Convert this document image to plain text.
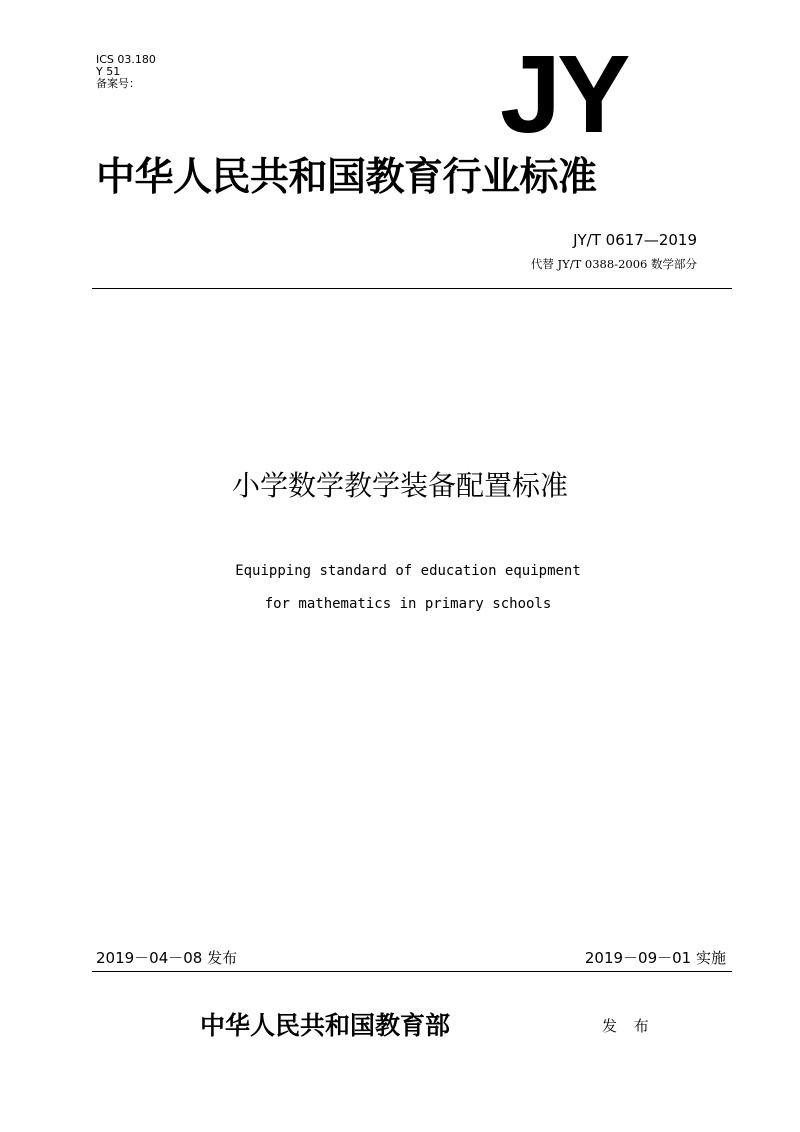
ICS 03.180
Y 51
备案号：	JY
中华人民共和国教育行业标准
JY/T 0617—2019
代替 JY/T 0388-2006 数学部分
小学数学教学装备配置标准
Equipping standard of education equipment
for mathematics in primary schools
2019－04－08 发布	2019－09－01 实施
中华人民共和国教育部	发 布
